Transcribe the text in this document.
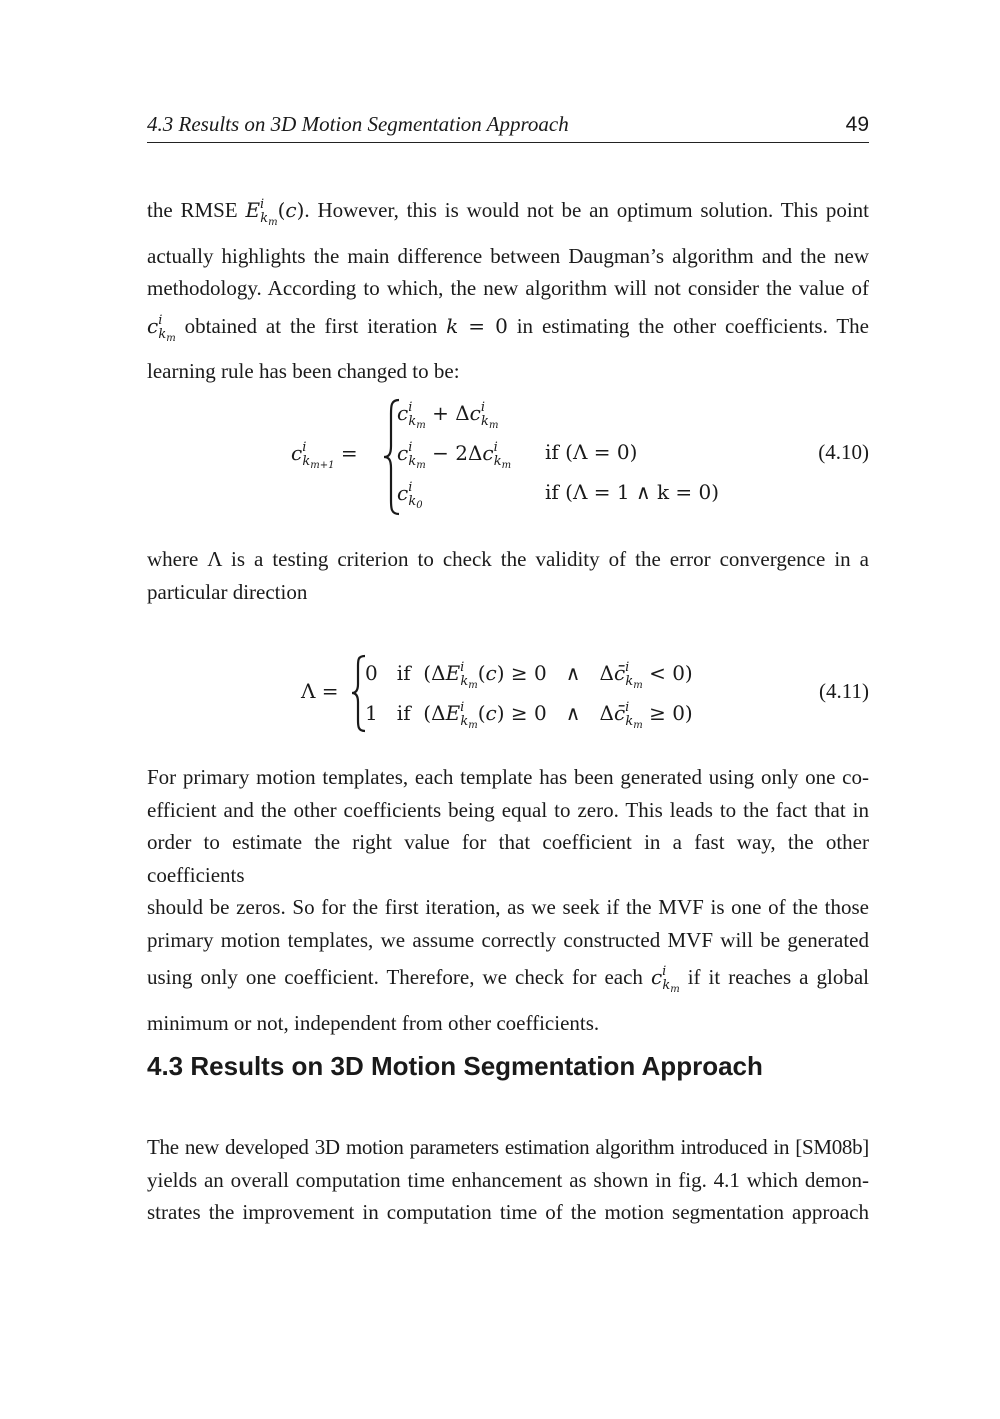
4.3 Results on 3D Motion Segmentation Approach	49
the RMSE $E^i_{k_m}(c)$. However, this is would not be an optimum solution. This point
actually highlights the main difference between Daugman’s algorithm and the new
methodology. According to which, the new algorithm will not consider the value of
$c^i_{k_m}$ obtained at the first iteration k = 0 in estimating the other coefficients. The
learning rule has been changed to be:
$c^i_{k_{m+1}}$ =
$c^i_{k_m} + \Delta c^i_{k_m}$
$c^i_{k_m} - 2\Delta c^i_{k_m}$
if (Λ = 0)
$c^i_{k_0}$
if (Λ = 1 ∧ k = 0)
(4.10)
where Λ is a testing criterion to check the validity of the error convergence in a
particular direction
Λ =
0   if  ($\Delta E^i_{k_m}(c) \ge 0$   ∧   Δc̄$^i_{k_m}$ < 0)
1   if  ($\Delta E^i_{k_m}(c) \ge 0$   ∧   Δc̄$^i_{k_m}$ ≥ 0)
(4.11)
For primary motion templates, each template has been generated using only one co-
efficient and the other coefficients being equal to zero. This leads to the fact that in
order to estimate the right value for that coefficient in a fast way, the other coefficients
should be zeros. So for the first iteration, as we seek if the MVF is one of the those
primary motion templates, we assume correctly constructed MVF will be generated
using only one coefficient. Therefore, we check for each $c^i_{k_m}$ if it reaches a global
minimum or not, independent from other coefficients.
4.3 Results on 3D Motion Segmentation Approach
The new developed 3D motion parameters estimation algorithm introduced in [SM08b]
yields an overall computation time enhancement as shown in fig. 4.1 which demon-
strates the improvement in computation time of the motion segmentation approach
